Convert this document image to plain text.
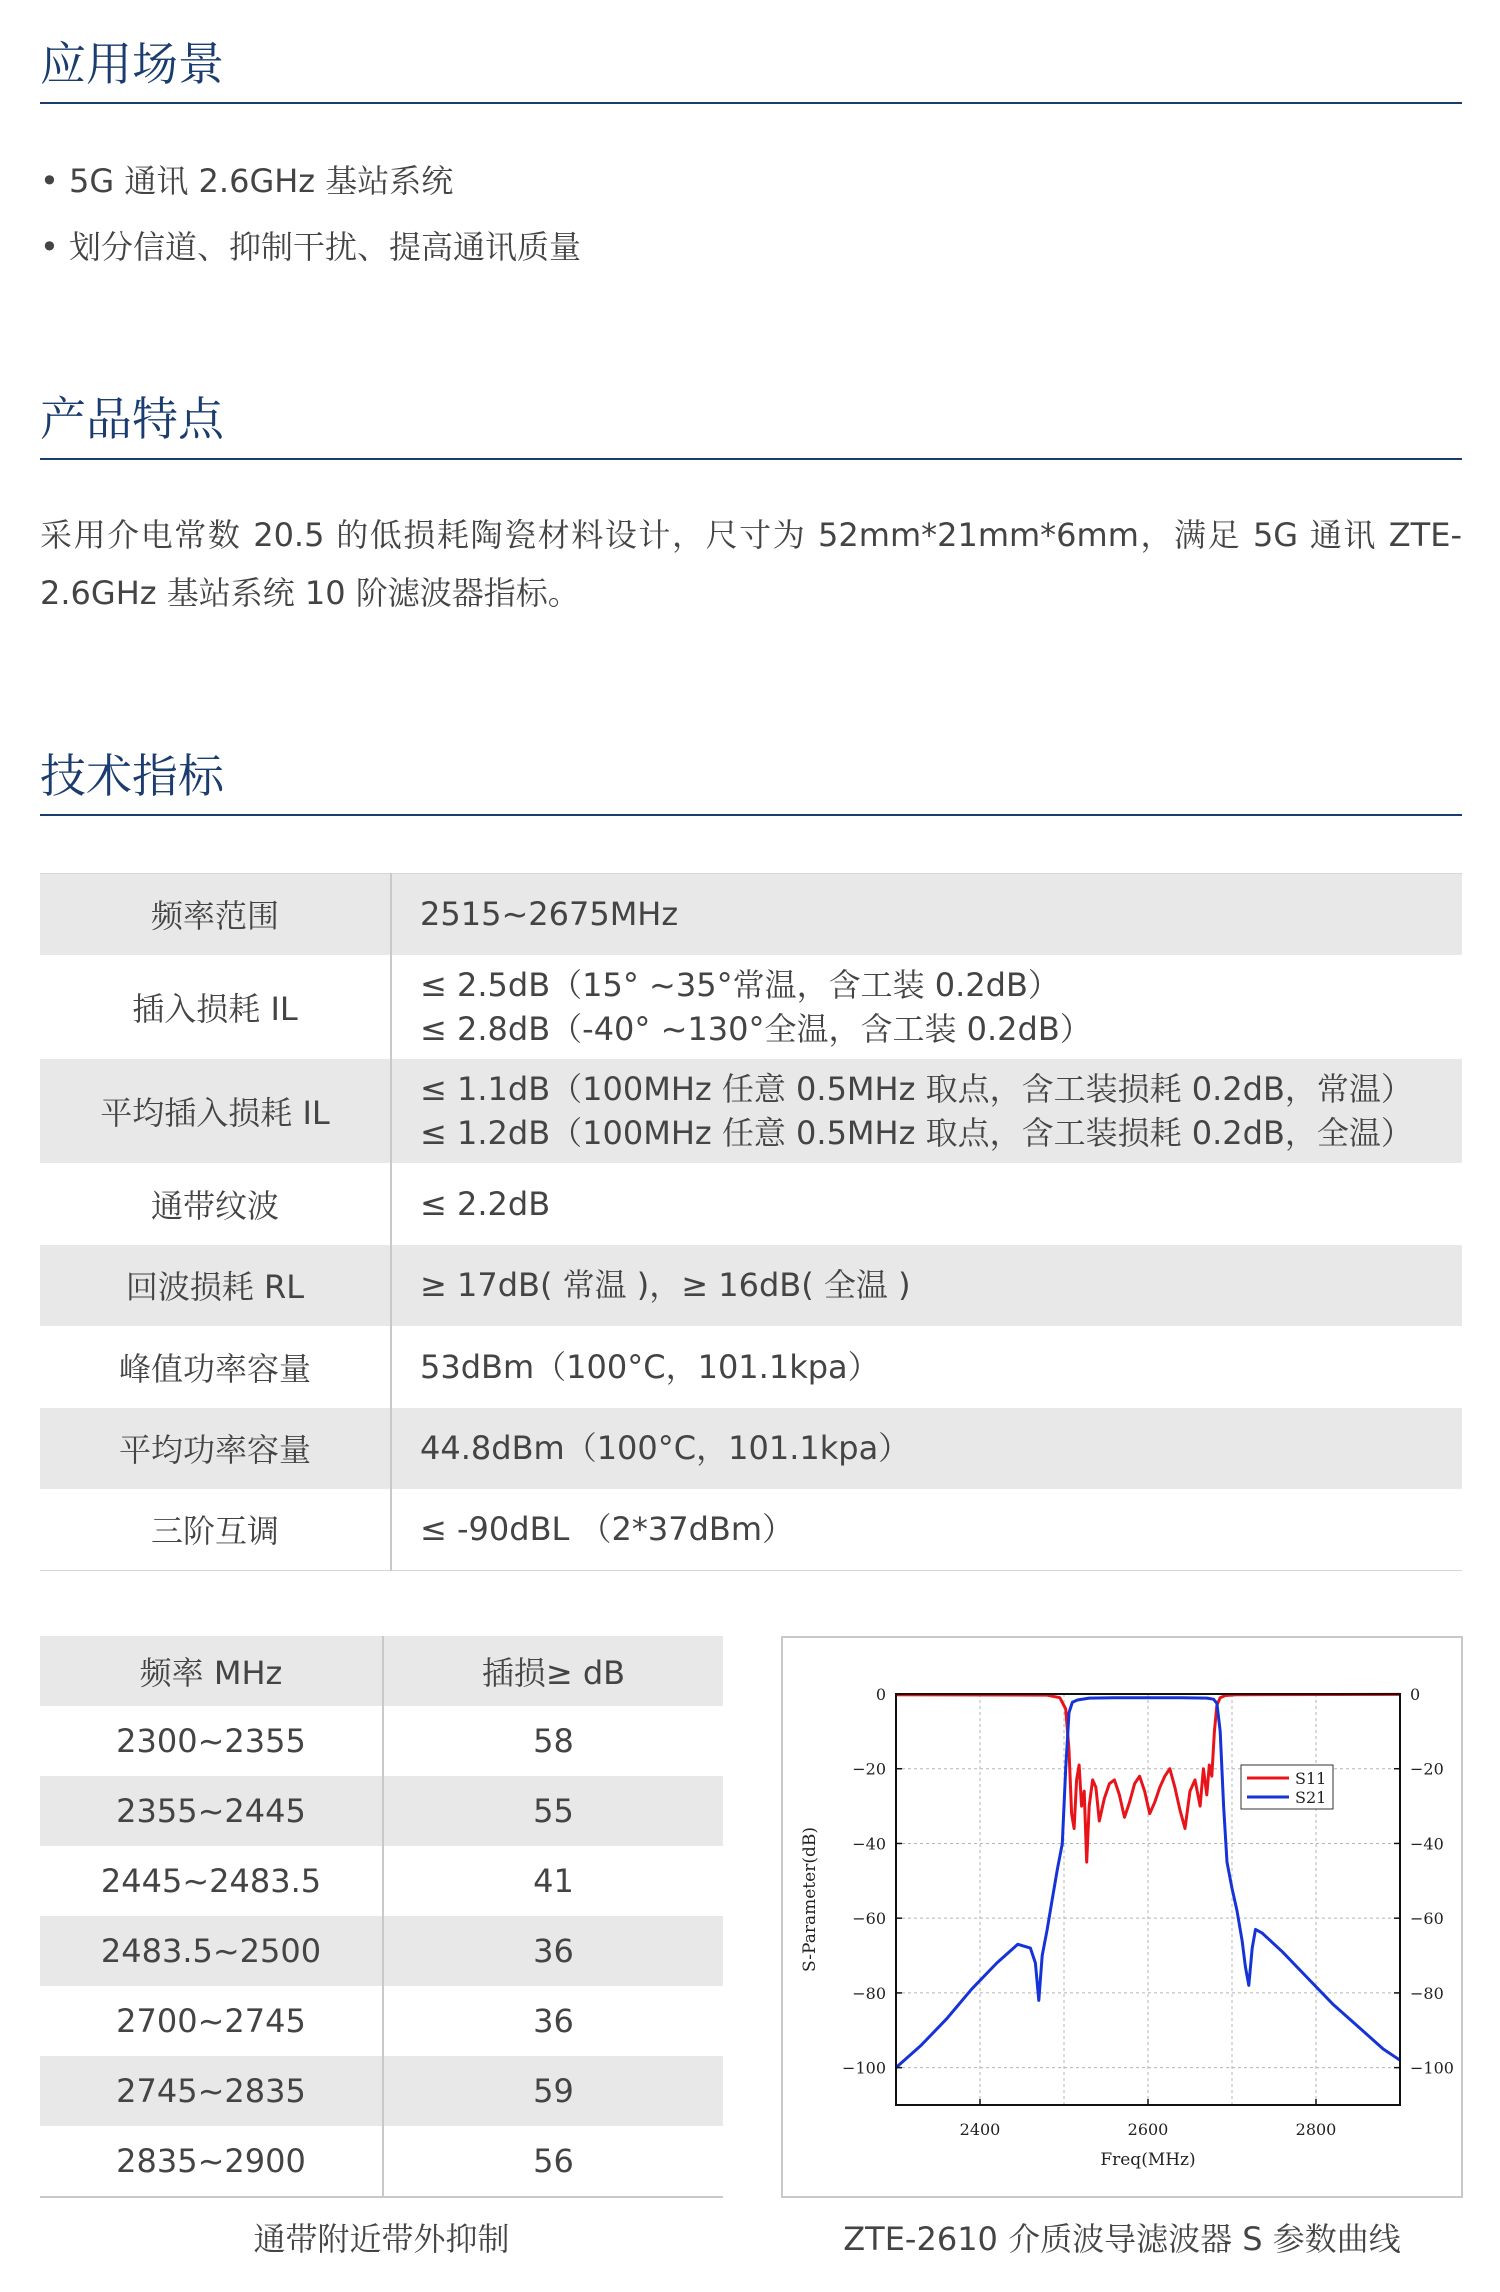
应用场景
• 5G 通讯 2.6GHz 基站系统
• 划分信道、抑制干扰、提高通讯质量
产品特点
采用介电常数 20.5 的低损耗陶瓷材料设计，尺寸为 52mm*21mm*6mm，满足 5G 通讯 ZTE-2.6GHz 基站系统 10 阶滤波器指标。
技术指标
频率范围	2515~2675MHz

插入损耗 IL	≤ 2.5dB（15° ~35°常温，含工装 0.2dB）
≤ 2.8dB（-40° ~130°全温，含工装 0.2dB）

平均插入损耗 IL	≤ 1.1dB（100MHz 任意 0.5MHz 取点，含工装损耗 0.2dB，常温）
≤ 1.2dB（100MHz 任意 0.5MHz 取点，含工装损耗 0.2dB，全温）

通带纹波	≤ 2.2dB

回波损耗 RL	≥ 17dB( 常温 )，≥ 16dB( 全温 )

峰值功率容量	53dBm（100°C，101.1kpa）

平均功率容量	44.8dBm（100°C，101.1kpa）

三阶互调	≤ -90dBL （2*37dBm）
频率 MHz	插损≥ dB
2300~2355	58
2355~2445	55
2445~2483.5	41
2483.5~2500	36
2700~2745	36
2745~2835	59
2835~2900	56
通带附近带外抑制
0	0
−20	−20
−40	−40
−60	−60
−80	−80
−100	−100
2400	2600	2800
Freq(MHz)
S-Parameter(dB)
S11
S21
ZTE-2610 介质波导滤波器 S 参数曲线
